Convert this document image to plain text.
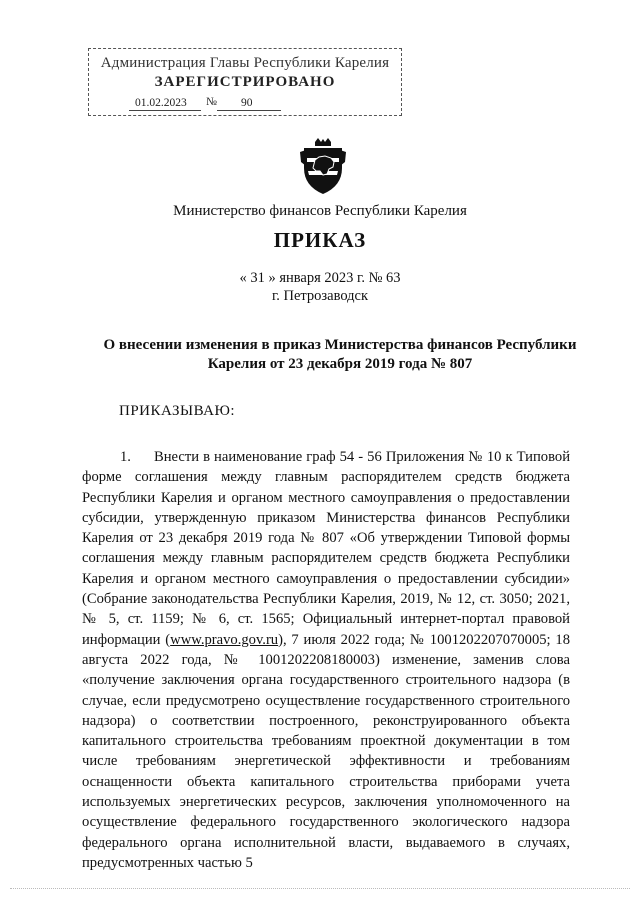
Администрация Главы Республики Карелия
ЗАРЕГИСТРИРОВАНО
01.02.2023 № 90
Министерство финансов Республики Карелия
ПРИКАЗ
« 31 » января 2023 г. № 63
г. Петрозаводск
О внесении изменения в приказ Министерства финансов Республики Карелия от 23 декабря 2019 года № 807
ПРИКАЗЫВАЮ:

1. Внести в наименование граф 54 - 56 Приложения № 10 к Типовой форме соглашения между главным распорядителем средств бюджета Республики Карелия и органом местного самоуправления о предоставлении субсидии, утвержденную приказом Министерства финансов Республики Карелия от 23 декабря 2019 года № 807 «Об утверждении Типовой формы соглашения между главным распорядителем средств бюджета Республики Карелия и органом местного самоуправления о предоставлении субсидии» (Собрание законодательства Республики Карелия, 2019, № 12, ст. 3050; 2021, № 5, ст. 1159; № 6, ст. 1565; Официальный интернет-портал правовой информации (www.pravo.gov.ru), 7 июля 2022 года; № 1001202207070005; 18 августа 2022 года, № 1001202208180003) изменение, заменив слова «получение заключения органа государственного строительного надзора (в случае, если предусмотрено осуществление государственного строительного надзора) о соответствии построенного, реконструированного объекта капитального строительства требованиям проектной документации в том числе требованиям энергетической эффективности и требованиям оснащенности объекта капитального строительства приборами учета используемых энергетических ресурсов, заключения уполномоченного на осуществление федерального государственного экологического надзора федерального органа исполнительной власти, выдаваемого в случаях, предусмотренных частью 5
